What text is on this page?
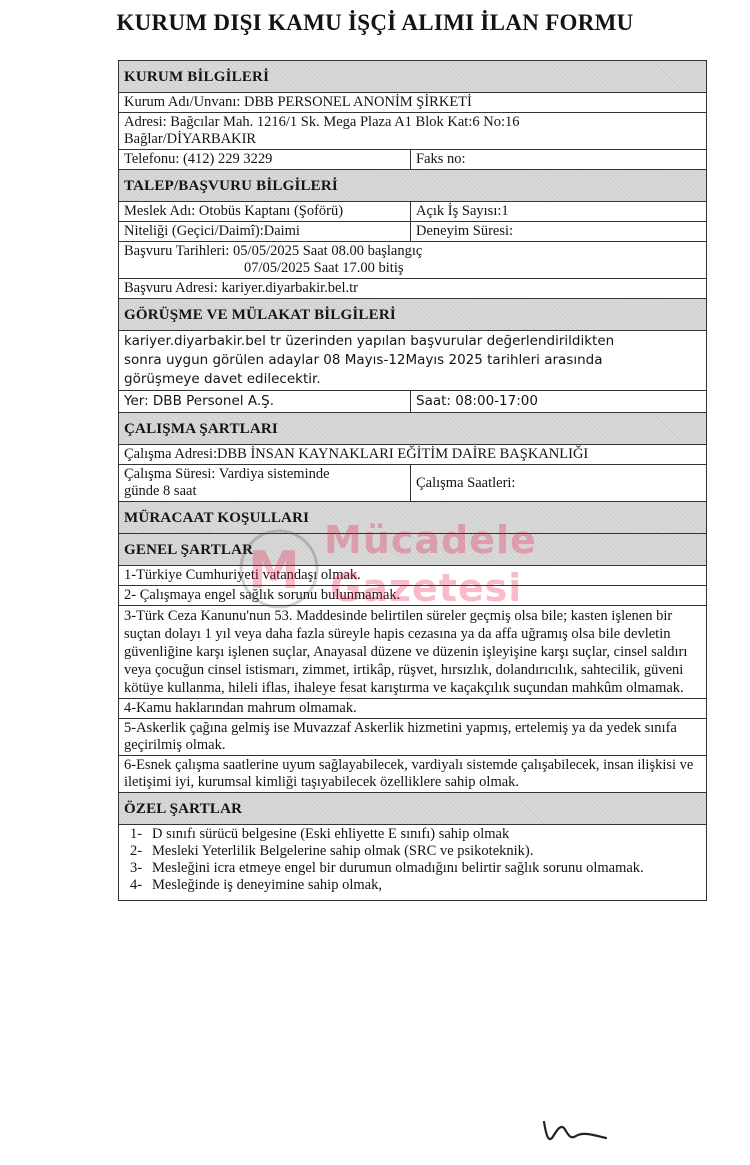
KURUM DIŞI KAMU İŞÇİ ALIMI İLAN FORMU
KURUM BİLGİLERİ
Kurum Adı/Unvanı: DBB PERSONEL ANONİM ŞİRKETİ
Adresi: Bağcılar Mah. 1216/1 Sk. Mega Plaza A1 Blok Kat:6 No:16
Bağlar/DİYARBAKIR
Telefonu: (412) 229 3229	Faks no:
TALEP/BAŞVURU BİLGİLERİ
Meslek Adı: Otobüs Kaptanı (Şoförü)	Açık İş Sayısı:1
Niteliği (Geçici/Daimî):Daimi	Deneyim Süresi:
Başvuru Tarihleri: 05/05/2025 Saat 08.00 başlangıç
07/05/2025 Saat 17.00 bitiş
Başvuru Adresi: kariyer.diyarbakir.bel.tr
GÖRÜŞME VE MÜLAKAT BİLGİLERİ
kariyer.diyarbakir.bel tr üzerinden yapılan başvurular değerlendirildikten
sonra uygun görülen adaylar 08 Mayıs-12Mayıs 2025 tarihleri arasında
görüşmeye davet edilecektir.
Yer: DBB Personel A.Ş.	Saat: 08:00-17:00
ÇALIŞMA ŞARTLARI
Çalışma Adresi:DBB İNSAN KAYNAKLARI EĞİTİM DAİRE BAŞKANLIĞI
Çalışma Süresi: Vardiya sisteminde
günde 8 saat
Çalışma Saatleri:
MÜRACAAT KOŞULLARI
GENEL ŞARTLAR
1-Türkiye Cumhuriyeti vatandaşı olmak.
2- Çalışmaya engel sağlık sorunu bulunmamak.
3-Türk Ceza Kanunu'nun 53. Maddesinde belirtilen süreler geçmiş olsa bile; kasten işlenen bir suçtan dolayı 1 yıl veya daha fazla süreyle hapis cezasına ya da affa uğramış olsa bile devletin güvenliğine karşı işlenen suçlar, Anayasal düzene ve düzenin işleyişine karşı suçlar, cinsel saldırı veya çocuğun cinsel istismarı, zimmet, irtikâp, rüşvet, hırsızlık, dolandırıcılık, sahtecilik, güveni kötüye kullanma, hileli iflas, ihaleye fesat karıştırma ve kaçakçılık suçundan mahkûm olmamak.
4-Kamu haklarından mahrum olmamak.
5-Askerlik çağına gelmiş ise Muvazzaf Askerlik hizmetini yapmış, ertelemiş ya da yedek sınıfa geçirilmiş olmak.
6-Esnek çalışma saatlerine uyum sağlayabilecek, vardiyalı sistemde çalışabilecek, insan ilişkisi ve iletişimi iyi, kurumsal kimliği taşıyabilecek özelliklere sahip olmak.
ÖZEL ŞARTLAR
1- D sınıfı sürücü belgesine (Eski ehliyette E sınıfı) sahip olmak
2- Mesleki Yeterlilik Belgelerine sahip olmak (SRC ve psikoteknik).
3- Mesleğini icra etmeye engel bir durumun olmadığını belirtir sağlık sorunu olmamak.
4- Mesleğinde iş deneyimine sahip olmak,
M
Mücadele
Gazetesi
